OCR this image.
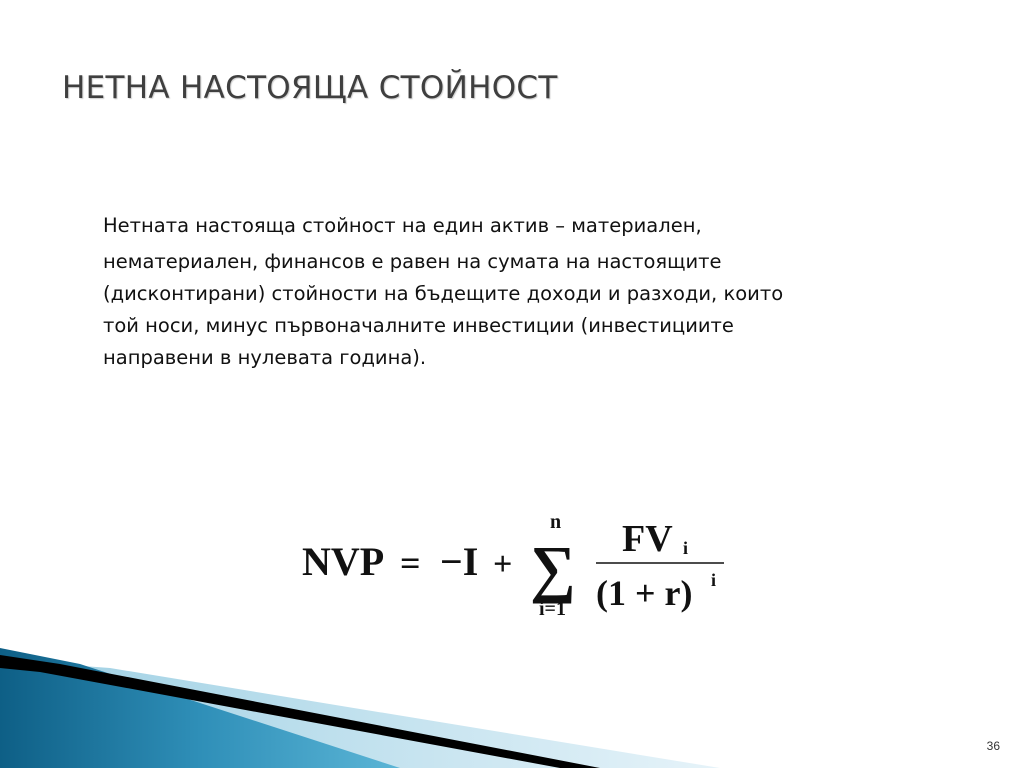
НЕТНА НАСТОЯЩА СТОЙНОСТ
Нетната настояща стойност на един актив – материален,
нематериален, финансов е равен на сумата на настоящите
(дисконтирани) стойности на бъдещите доходи и разходи, които
той носи, минус първоначалните инвестиции (инвестициите
направени в нулевата година).
NVP = −I + ∑
n
i=1
FV i
(1 + r) i
36
